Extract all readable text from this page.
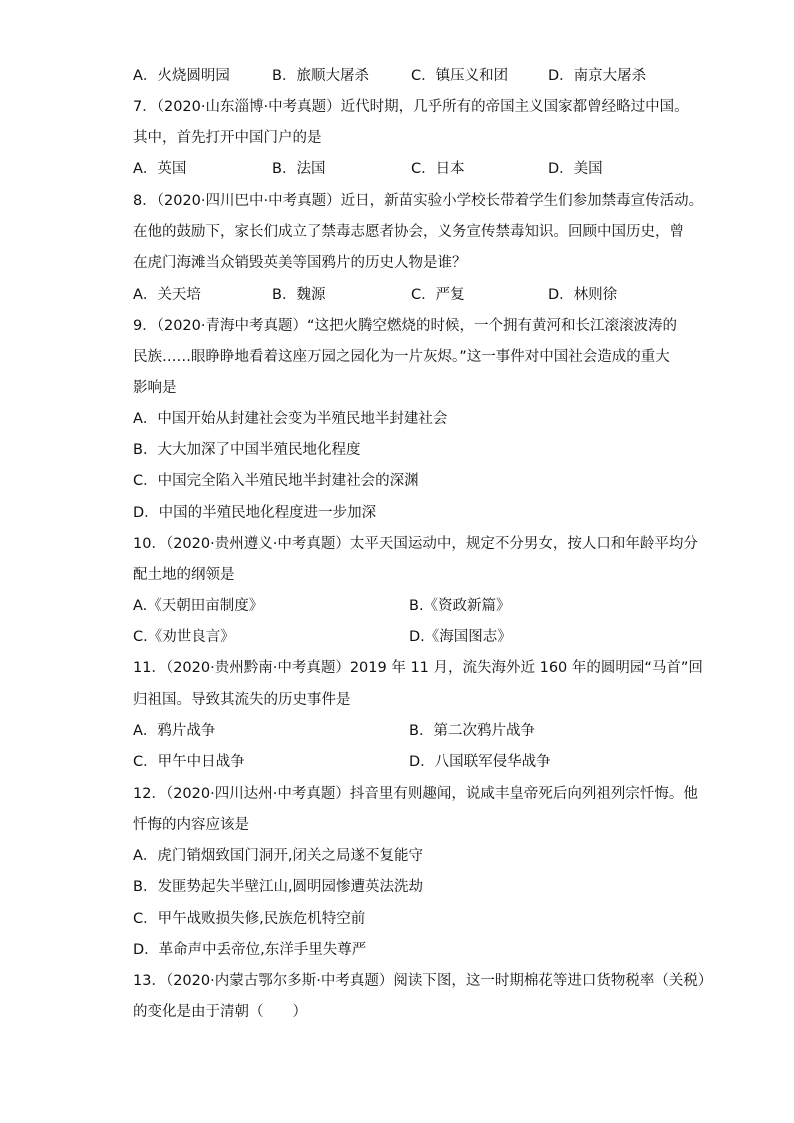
A．火烧圆明园	B．旅顺大屠杀	C．镇压义和团	D．南京大屠杀
7．（2020·山东淄博·中考真题）近代时期，几乎所有的帝国主义国家都曾经略过中国。
其中，首先打开中国门户的是
A．英国	B．法国	C．日本	D．美国
8．（2020·四川巴中·中考真题）近日，新苗实验小学校长带着学生们参加禁毒宣传活动。
在他的鼓励下，家长们成立了禁毒志愿者协会，义务宣传禁毒知识。回顾中国历史，曾
在虎门海滩当众销毁英美等国鸦片的历史人物是谁？
A．关天培	B．魏源	C．严复	D．林则徐
9．（2020·青海中考真题）“这把火腾空燃烧的时候，一个拥有黄河和长江滚滚波涛的
民族……眼睁睁地看着这座万园之园化为一片灰烬。”这一事件对中国社会造成的重大
影响是
A．中国开始从封建社会变为半殖民地半封建社会
B．大大加深了中国半殖民地化程度
C．中国完全陷入半殖民地半封建社会的深渊
D．中国的半殖民地化程度进一步加深
10．（2020·贵州遵义·中考真题）太平天国运动中，规定不分男女，按人口和年龄平均分
配土地的纲领是
A.《天朝田亩制度》	B.《资政新篇》
C.《劝世良言》	D.《海国图志》
11．（2020·贵州黔南·中考真题）2019 年 11 月，流失海外近 160 年的圆明园“马首”回
归祖国。导致其流失的历史事件是
A．鸦片战争	B．第二次鸦片战争
C．甲午中日战争	D．八国联军侵华战争
12．（2020·四川达州·中考真题）抖音里有则趣闻，说咸丰皇帝死后向列祖列宗忏悔。他
忏悔的内容应该是
A．虎门销烟致国门洞开,闭关之局遂不复能守
B．发匪势起失半壁江山,圆明园惨遭英法洗劫
C．甲午战败损失修,民族危机特空前
D．革命声中丢帝位,东洋手里失尊严
13．（2020·内蒙古鄂尔多斯·中考真题）阅读下图，这一时期棉花等进口货物税率（关税）
的变化是由于清朝（　　）
